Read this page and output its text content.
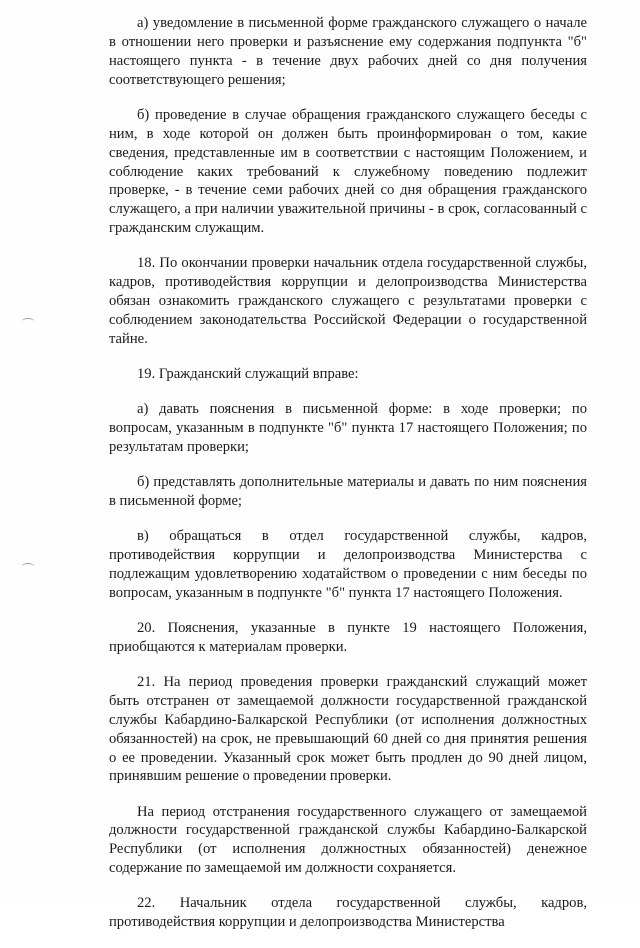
а) уведомление в письменной форме гражданского служащего о начале в отношении него проверки и разъяснение ему содержания подпункта "б" настоящего пункта - в течение двух рабочих дней со дня получения соответствующего решения;

б) проведение в случае обращения гражданского служащего беседы с ним, в ходе которой он должен быть проинформирован о том, какие сведения, представленные им в соответствии с настоящим Положением, и соблюдение каких требований к служебному поведению подлежит проверке, - в течение семи рабочих дней со дня обращения гражданского служащего, а при наличии уважительной причины - в срок, согласованный с гражданским служащим.

18. По окончании проверки начальник отдела государственной службы, кадров, противодействия коррупции и делопроизводства Министерства обязан ознакомить гражданского служащего с результатами проверки с соблюдением законодательства Российской Федерации о государственной тайне.

19. Гражданский служащий вправе:

а) давать пояснения в письменной форме: в ходе проверки; по вопросам, указанным в подпункте "б" пункта 17 настоящего Положения; по результатам проверки;

б) представлять дополнительные материалы и давать по ним пояснения в письменной форме;

в) обращаться в отдел государственной службы, кадров, противодействия коррупции и делопроизводства Министерства с подлежащим удовлетворению ходатайством о проведении с ним беседы по вопросам, указанным в подпункте "б" пункта 17 настоящего Положения.

20. Пояснения, указанные в пункте 19 настоящего Положения, приобщаются к материалам проверки.

21. На период проведения проверки гражданский служащий может быть отстранен от замещаемой должности государственной гражданской службы Кабардино-Балкарской Республики (от исполнения должностных обязанностей) на срок, не превышающий 60 дней со дня принятия решения о ее проведении. Указанный срок может быть продлен до 90 дней лицом, принявшим решение о проведении проверки.

На период отстранения государственного служащего от замещаемой должности государственной гражданской службы Кабардино-Балкарской Республики (от исполнения должностных обязанностей) денежное содержание по замещаемой им должности сохраняется.

22. Начальник отдела государственной службы, кадров, противодействия коррупции и делопроизводства Министерства
